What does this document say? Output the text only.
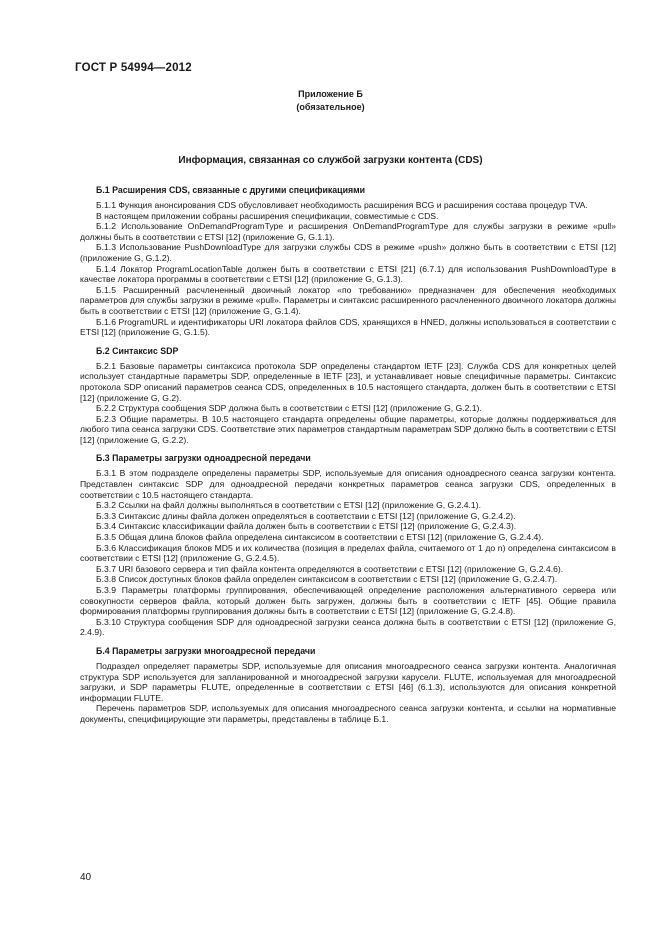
ГОСТ Р 54994—2012
Приложение Б
(обязательное)
Информация, связанная со службой загрузки контента (CDS)
Б.1 Расширения CDS, связанные с другими спецификациями

Б.1.1 Функция анонсирования CDS обусловливает необходимость расширения BCG и расширения состава процедур TVA.

В настоящем приложении собраны расширения спецификации, совместимые с CDS.

Б.1.2 Использование OnDemandProgramType и расширения OnDemandProgramType для службы загрузки в режиме «pull» должны быть в соответствии с ETSI [12] (приложение G, G.1.1).

Б.1.3 Использование PushDownloadType для загрузки службы CDS в режиме «push» должно быть в соответствии с ETSI [12] (приложение G, G.1.2).

Б.1.4 Локатор ProgramLocationTable должен быть в соответствии с ETSI [21] (6.7.1) для использования PushDownloadType в качестве локатора программы в соответствии с ETSI [12] (приложение G, G.1.3).

Б.1.5 Расширенный расчлененный двоичный локатор «по требованию» предназначен для обеспечения необходимых параметров для службы загрузки в режиме «pull». Параметры и синтаксис расширенного расчлененного двоичного локатора должны быть в соответствии с ETSI [12] (приложение G, G.1.4).

Б.1.6 ProgramURL и идентификаторы URI локатора файлов CDS, хранящихся в HNED, должны использоваться в соответствии с ETSI [12] (приложение G, G.1.5).

Б.2 Синтаксис SDP

Б.2.1 Базовые параметры синтаксиса протокола SDP определены стандартом IETF [23]. Служба CDS для конкретных целей использует стандартные параметры SDP, определенные в IETF [23], и устанавливает новые специфичные параметры. Синтаксис протокола SDP описаний параметров сеанса CDS, определенных в 10.5 настоящего стандарта, должен быть в соответствии с ETSI [12] (приложение G, G.2).

Б.2.2 Структура сообщения SDP должна быть в соответствии с ETSI [12] (приложение G, G.2.1).

Б.2.3 Общие параметры. В 10.5 настоящего стандарта определены общие параметры, которые должны поддерживаться для любого типа сеанса загрузки CDS. Соответствие этих параметров стандартным параметрам SDP должно быть в соответствии с ETSI [12] (приложение G, G.2.2).

Б.3 Параметры загрузки одноадресной передачи

Б.3.1 В этом подразделе определены параметры SDP, используемые для описания одноадресного сеанса загрузки контента. Представлен синтаксис SDP для одноадресной передачи конкретных параметров сеанса загрузки CDS, определенных в соответствии с 10.5 настоящего стандарта.

Б.3.2 Ссылки на файл должны выполняться в соответствии с ETSI [12] (приложение G, G.2.4.1).

Б.3.3 Синтаксис длины файла должен определяться в соответствии с ETSI [12] (приложение G, G.2.4.2).

Б.3.4 Синтаксис классификации файла должен быть в соответствии с ETSI [12] (приложение G, G.2.4.3).

Б.3.5 Общая длина блоков файла определена синтаксисом в соответствии с ETSI [12] (приложение G, G.2.4.4).

Б.3.6 Классификация блоков MD5 и их количества (позиция в пределах файла, считаемого от 1 до n) определена синтаксисом в соответствии с ETSI [12] (приложение G, G.2.4.5).

Б.3.7 URI базового сервера и тип файла контента определяются в соответствии с ETSI [12] (приложение G, G.2.4.6).

Б.3.8 Список доступных блоков файла определен синтаксисом в соответствии с ETSI [12] (приложение G, G.2.4.7).

Б.3.9 Параметры платформы группирования, обеспечивающей определение расположения альтернативного сервера или совокупности серверов файла, который должен быть загружен, должны быть в соответствии с IETF [45]. Общие правила формирования платформы группирования должны быть в соответствии с ETSI [12] (приложение G, G.2.4.8).

Б.3.10 Структура сообщения SDP для одноадресной загрузки сеанса должна быть в соответствии с ETSI [12] (приложение G, 2.4.9).

Б.4 Параметры загрузки многоадресной передачи

Подраздел определяет параметры SDP, используемые для описания многоадресного сеанса загрузки контента. Аналогичная структура SDP используется для запланированной и многоадресной загрузки карусели. FLUTE, используемая для многоадресной загрузки, и SDP параметры FLUTE, определенные в соответствии с ETSI [46] (6.1.3), используются для описания конкретной информации FLUTE.

Перечень параметров SDP, используемых для описания многоадресного сеанса загрузки контента, и ссылки на нормативные документы, специфицирующие эти параметры, представлены в таблице Б.1.

40
